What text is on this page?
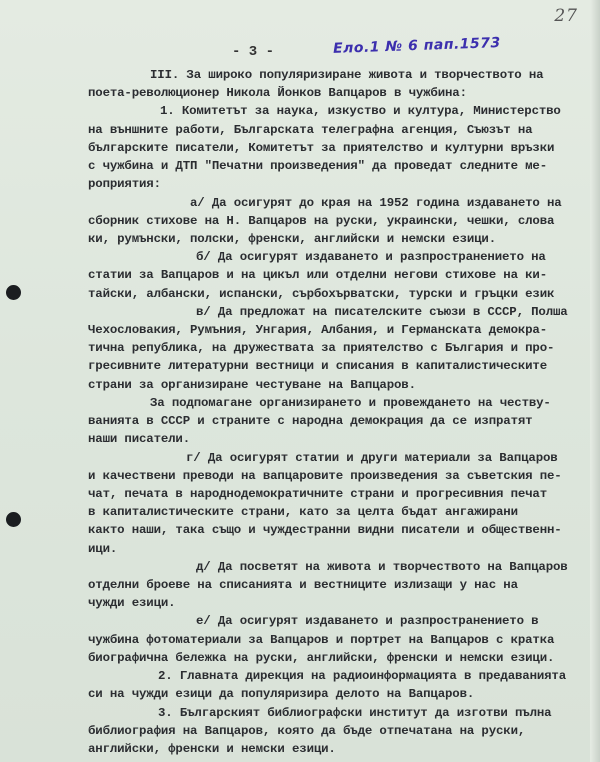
27
- 3 -	Ело.1 № 6 пап.1573
III. За широко популяризиране живота и творчеството на
поета-революционер Никола Йонков Вапцаров в чужбина:
1. Комитетът за наука, изкуство и култура, Министерство
на външните работи, Българската телеграфна агенция, Съюзът на
българските писатели, Комитетът за приятелство и културни връзки
с чужбина и ДТП "Печатни произведения" да проведат следните ме-
роприятия:
а/ Да осигурят до края на 1952 година издаването на
сборник стихове на Н. Вапцаров на руски, украински, чешки, слова
ки, румънски, полски, френски, английски и немски езици.
б/ Да осигурят издаването и разпространението на
статии за Вапцаров и на цикъл или отделни негови стихове на ки-
тайски, албански, испански, сърбохърватски, турски и гръцки език
в/ Да предложат на писателските съюзи в СССР, Полша
Чехословакия, Румъния, Унгария, Албания, и Германската демокра-
тична република, на дружествата за приятелство с България и про-
гресивните литературни вестници и списания в капиталистическите
страни за организиране честуване на Вапцаров.
За подпомагане организирането и провеждането на честву-
ванията в СССР и страните с народна демокрация да се изпратят
наши писатели.
г/ Да осигурят статии и други материали за Вапцаров
и качествени преводи на вапцаровите произведения за съветския пе-
чат, печата в народнодемократичните страни и прогресивния печат
в капиталистическите страни, като за целта бъдат ангажирани
както наши, така също и чуждестранни видни писатели и общественн-
ици.
д/ Да посветят на живота и творчеството на Вапцаров
отделни броеве на списанията и вестниците излизащи у нас на
чужди езици.
е/ Да осигурят издаването и разпространението в
чужбина фотоматериали за Вапцаров и портрет на Вапцаров с кратка
биографична бележка на руски, английски, френски и немски езици.
2. Главната дирекция на радиоинформацията в предаванията
си на чужди езици да популяризира делото на Вапцаров.
3. Българският библиографски институт да изготви пълна
библиография на Вапцаров, която да бъде отпечатана на руски,
английски, френски и немски езици.
